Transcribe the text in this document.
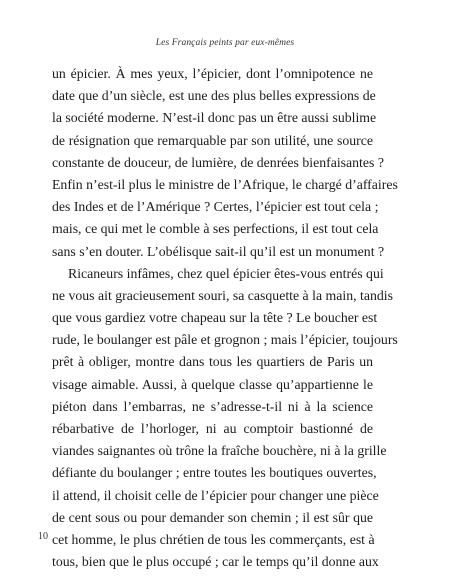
Les Français peints par eux-mêmes
un épicier. À mes yeux, l’épicier, dont l’omnipotence ne
date que d’un siècle, est une des plus belles expressions de
la société moderne. N’est-il donc pas un être aussi sublime
de résignation que remarquable par son utilité, une source
constante de douceur, de lumière, de denrées bienfaisantes ?
Enfin n’est-il plus le ministre de l’Afrique, le chargé d’affaires
des Indes et de l’Amérique ? Certes, l’épicier est tout cela ;
mais, ce qui met le comble à ses perfections, il est tout cela
sans s’en douter. L’obélisque sait-il qu’il est un monument ?
Ricaneurs infâmes, chez quel épicier êtes-vous entrés qui
ne vous ait gracieusement souri, sa casquette à la main, tandis
que vous gardiez votre chapeau sur la tête ? Le boucher est
rude, le boulanger est pâle et grognon ; mais l’épicier, toujours
prêt à obliger, montre dans tous les quartiers de Paris un
visage aimable. Aussi, à quelque classe qu’appartienne le
piéton dans l’embarras, ne s’adresse-t-il ni à la science
rébarbative de l’horloger, ni au comptoir bastionné de
viandes saignantes où trône la fraîche bouchère, ni à la grille
défiante du boulanger ; entre toutes les boutiques ouvertes,
il attend, il choisit celle de l’épicier pour changer une pièce
de cent sous ou pour demander son chemin ; il est sûr que
cet homme, le plus chrétien de tous les commerçants, est à
tous, bien que le plus occupé ; car le temps qu’il donne aux
10
